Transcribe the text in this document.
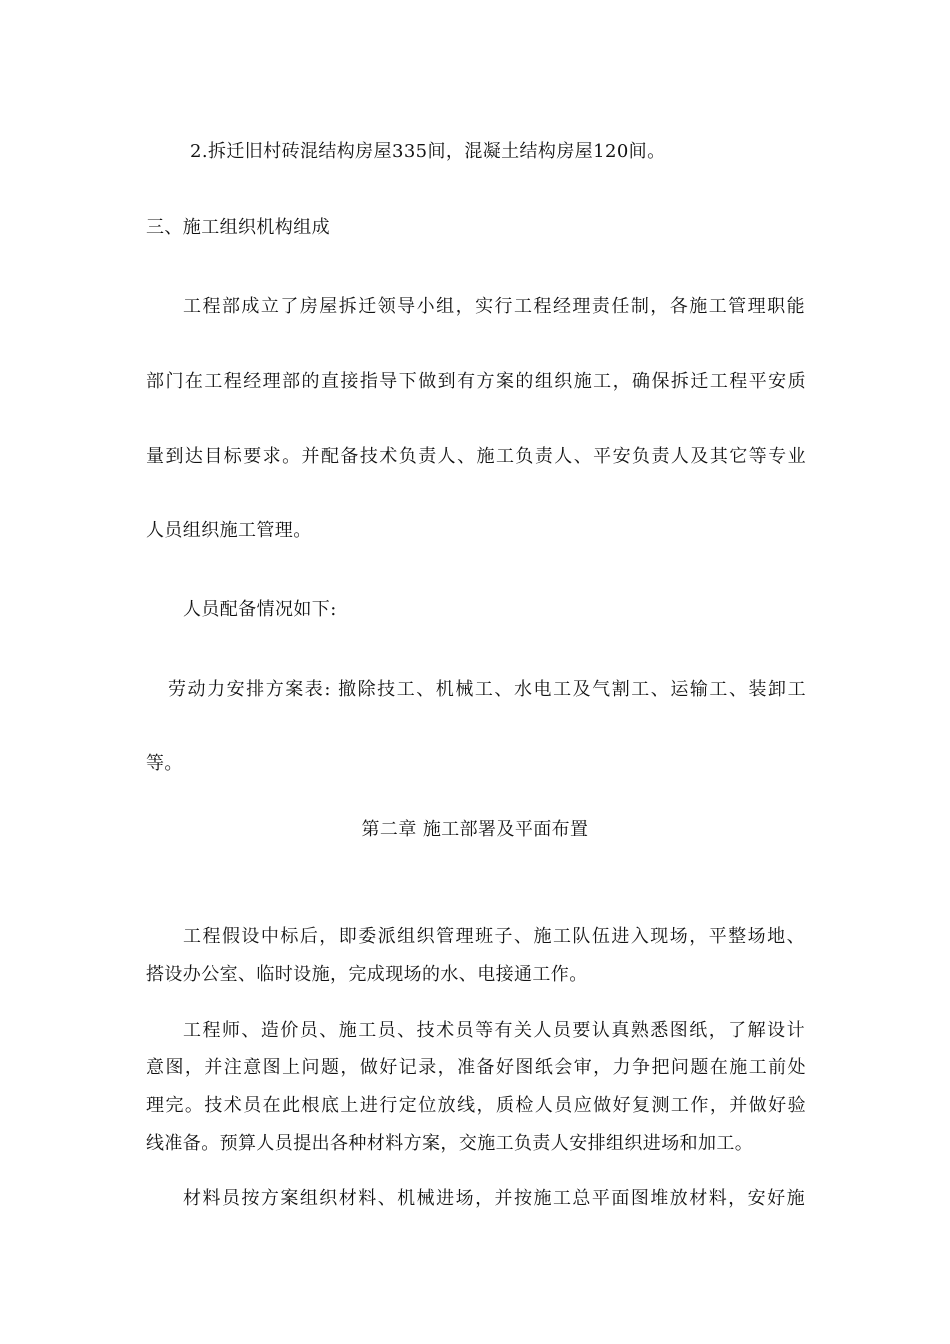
2.拆迁旧村砖混结构房屋335间，混凝土结构房屋120间。
三、施工组织机构组成
工程部成立了房屋拆迁领导小组，实行工程经理责任制，各施工管理职能
部门在工程经理部的直接指导下做到有方案的组织施工，确保拆迁工程平安质
量到达目标要求。并配备技术负责人、施工负责人、平安负责人及其它等专业
人员组织施工管理。
人员配备情况如下:
劳动力安排方案表: 撤除技工、机械工、水电工及气割工、运输工、装卸工
等。
第二章 施工部署及平面布置
工程假设中标后，即委派组织管理班子、施工队伍进入现场，平整场地、
搭设办公室、临时设施，完成现场的水、电接通工作。
工程师、造价员、施工员、技术员等有关人员要认真熟悉图纸，了解设计
意图，并注意图上问题，做好记录，准备好图纸会审，力争把问题在施工前处
理完。技术员在此根底上进行定位放线，质检人员应做好复测工作，并做好验
线准备。预算人员提出各种材料方案，交施工负责人安排组织进场和加工。
材料员按方案组织材料、机械进场，并按施工总平面图堆放材料，安好施
